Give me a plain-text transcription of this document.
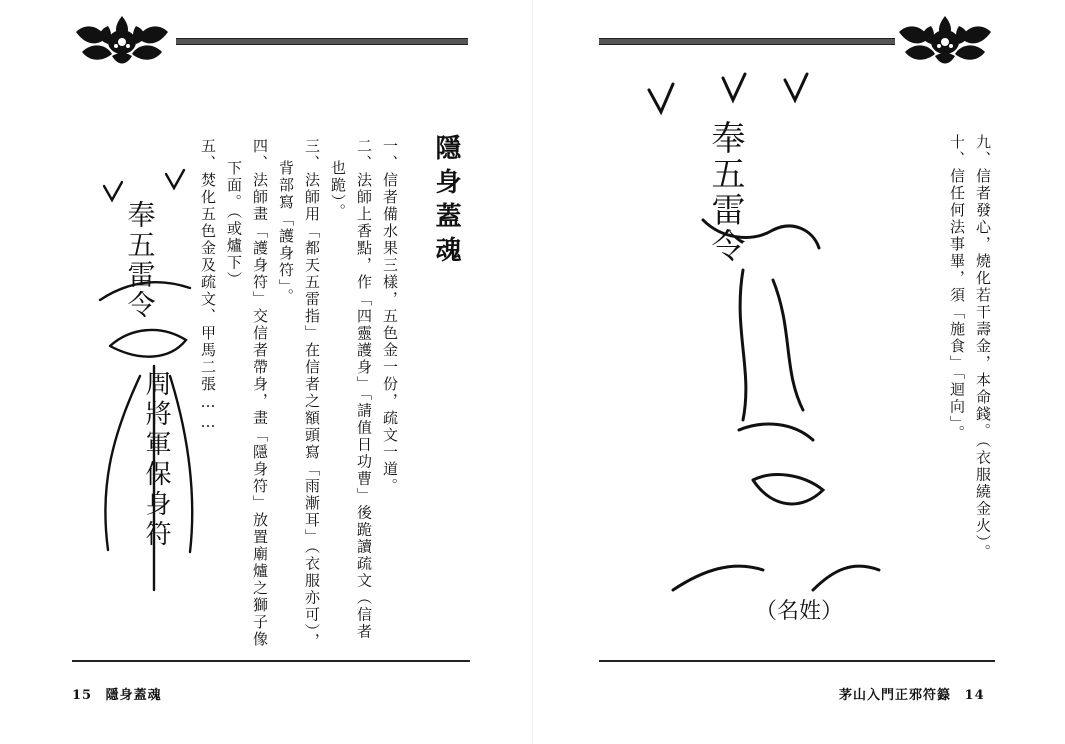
隱身蓋魂
一、信者備水果三樣，五色金一份，疏文一道。
二、法師上香點，作「四靈護身」「請值日功曹」後跪讀疏文（信者
也跪）。
三、法師用「都天五雷指」在信者之額頭寫「雨漸耳」（衣服亦可），
背部寫「護身符」。
四、法師畫「護身符」交信者帶身，畫「隱身符」放置廟爐之獅子像
下面。（或爐下）
五、焚化五色金及疏文、甲馬二張……
奉五雷令
周將軍保身符
15 隱身蓋魂
九、信者發心，燒化若干壽金，本命錢。（衣服繞金火）。
十、信任何法事畢，須「施食」「迴向」。
奉五雷令
（名姓）
茅山入門正邪符籙 14
